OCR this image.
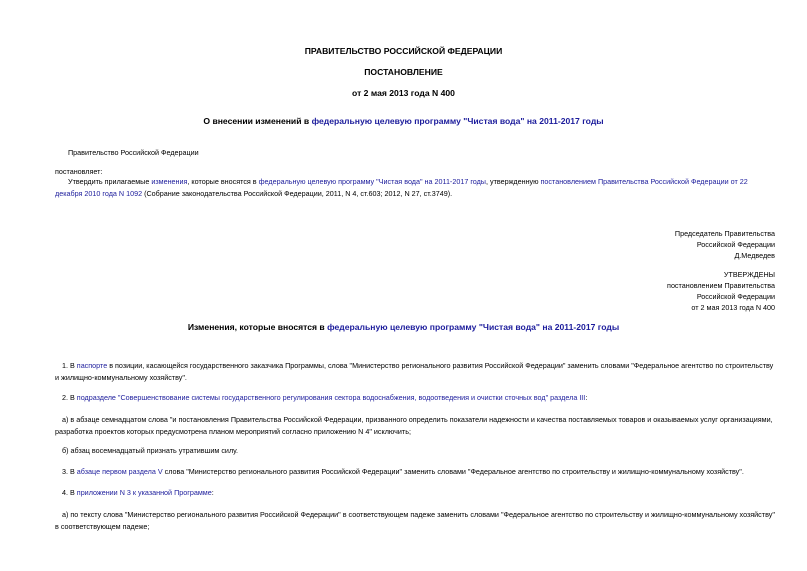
ПРАВИТЕЛЬСТВО РОССИЙСКОЙ ФЕДЕРАЦИИ
ПОСТАНОВЛЕНИЕ
от 2 мая 2013 года N 400
О внесении изменений в федеральную целевую программу "Чистая вода" на 2011-2017 годы
Правительство Российской Федерации
постановляет:
Утвердить прилагаемые изменения, которые вносятся в федеральную целевую программу "Чистая вода" на 2011-2017 годы, утвержденную постановлением Правительства Российской Федерации от 22 декабря 2010 года N 1092 (Собрание законодательства Российской Федерации, 2011, N 4, ст.603; 2012, N 27, ст.3749).
Председатель Правительства
Российской Федерации
Д.Медведев
УТВЕРЖДЕНЫ
постановлением Правительства
Российской Федерации
от 2 мая 2013 года N 400
Изменения, которые вносятся в федеральную целевую программу "Чистая вода" на 2011-2017 годы
1. В паспорте в позиции, касающейся государственного заказчика Программы, слова "Министерство регионального развития Российской Федерации" заменить словами "Федеральное агентство по строительству и жилищно-коммунальному хозяйству".
2. В подразделе "Совершенствование системы государственного регулирования сектора водоснабжения, водоотведения и очистки сточных вод" раздела III:
а) в абзаце семнадцатом слова "и постановления Правительства Российской Федерации, призванного определить показатели надежности и качества поставляемых товаров и оказываемых услуг организациями, разработка проектов которых предусмотрена планом мероприятий согласно приложению N 4" исключить;
б) абзац восемнадцатый признать утратившим силу.
3. В абзаце первом раздела V слова "Министерство регионального развития Российской Федерации" заменить словами "Федеральное агентство по строительству и жилищно-коммунальному хозяйству".
4. В приложении N 3 к указанной Программе:
а) по тексту слова "Министерство регионального развития Российской Федерации" в соответствующем падеже заменить словами "Федеральное агентство по строительству и жилищно-коммунальному хозяйству" в соответствующем падеже;
